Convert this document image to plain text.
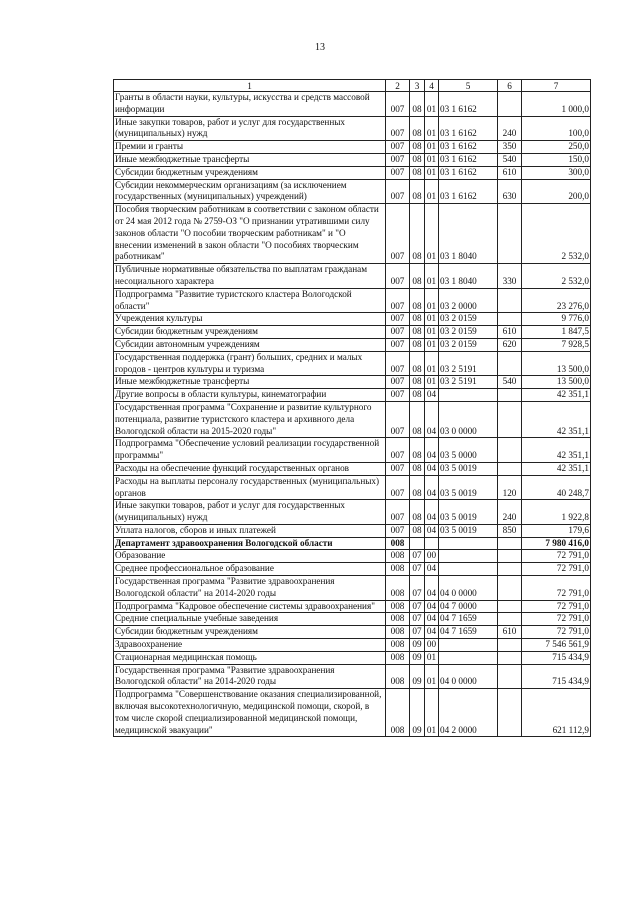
13
1	2	3	4	5	6	7
Гранты в области науки, культуры, искусства и средств массовой информации	007	08	01	03 1 6162		1 000,0
Иные закупки товаров, работ и услуг для государственных (муниципальных) нужд	007	08	01	03 1 6162	240	100,0
Премии и гранты	007	08	01	03 1 6162	350	250,0
Иные межбюджетные трансферты	007	08	01	03 1 6162	540	150,0
Субсидии бюджетным учреждениям	007	08	01	03 1 6162	610	300,0
Субсидии некоммерческим организациям (за исключением государственных (муниципальных) учреждений)	007	08	01	03 1 6162	630	200,0
Пособия творческим работникам в соответствии с законом области от 24 мая 2012 года № 2759-ОЗ "О признании утратившими силу законов области "О пособии творческим работникам" и "О внесении изменений в закон области "О пособиях творческим работникам"	007	08	01	03 1 8040		2 532,0
Публичные нормативные обязательства по выплатам гражданам несоциального характера	007	08	01	03 1 8040	330	2 532,0
Подпрограмма "Развитие туристского кластера Вологодской области"	007	08	01	03 2 0000		23 276,0
Учреждения культуры	007	08	01	03 2 0159		9 776,0
Субсидии бюджетным учреждениям	007	08	01	03 2 0159	610	1 847,5
Субсидии автономным учреждениям	007	08	01	03 2 0159	620	7 928,5
Государственная поддержка (грант) больших, средних и малых городов - центров культуры и туризма	007	08	01	03 2 5191		13 500,0
Иные межбюджетные трансферты	007	08	01	03 2 5191	540	13 500,0
Другие вопросы в области культуры, кинематографии	007	08	04			42 351,1
Государственная программа "Сохранение и развитие культурного потенциала, развитие туристского кластера и архивного дела Вологодской области на 2015-2020 годы"	007	08	04	03 0 0000		42 351,1
Подпрограмма "Обеспечение условий реализации государственной программы"	007	08	04	03 5 0000		42 351,1
Расходы на обеспечение функций государственных органов	007	08	04	03 5 0019		42 351,1
Расходы на выплаты персоналу государственных (муниципальных) органов	007	08	04	03 5 0019	120	40 248,7
Иные закупки товаров, работ и услуг для государственных (муниципальных) нужд	007	08	04	03 5 0019	240	1 922,8
Уплата налогов, сборов и иных платежей	007	08	04	03 5 0019	850	179,6
Департамент здравоохранения Вологодской области	008					7 980 416,0
Образование	008	07	00			72 791,0
Среднее профессиональное образование	008	07	04			72 791,0
Государственная программа "Развитие здравоохранения Вологодской области" на 2014-2020 годы	008	07	04	04 0 0000		72 791,0
Подпрограмма "Кадровое обеспечение системы здравоохранения"	008	07	04	04 7 0000		72 791,0
Средние специальные учебные заведения	008	07	04	04 7 1659		72 791,0
Субсидии бюджетным учреждениям	008	07	04	04 7 1659	610	72 791,0
Здравоохранение	008	09	00			7 546 561,9
Стационарная медицинская помощь	008	09	01			715 434,9
Государственная программа "Развитие здравоохранения Вологодской области" на 2014-2020 годы	008	09	01	04 0 0000		715 434,9
Подпрограмма "Совершенствование оказания специализированной, включая высокотехнологичную, медицинской помощи, скорой, в том числе скорой специализированной медицинской помощи, медицинской эвакуации"	008	09	01	04 2 0000		621 112,9
